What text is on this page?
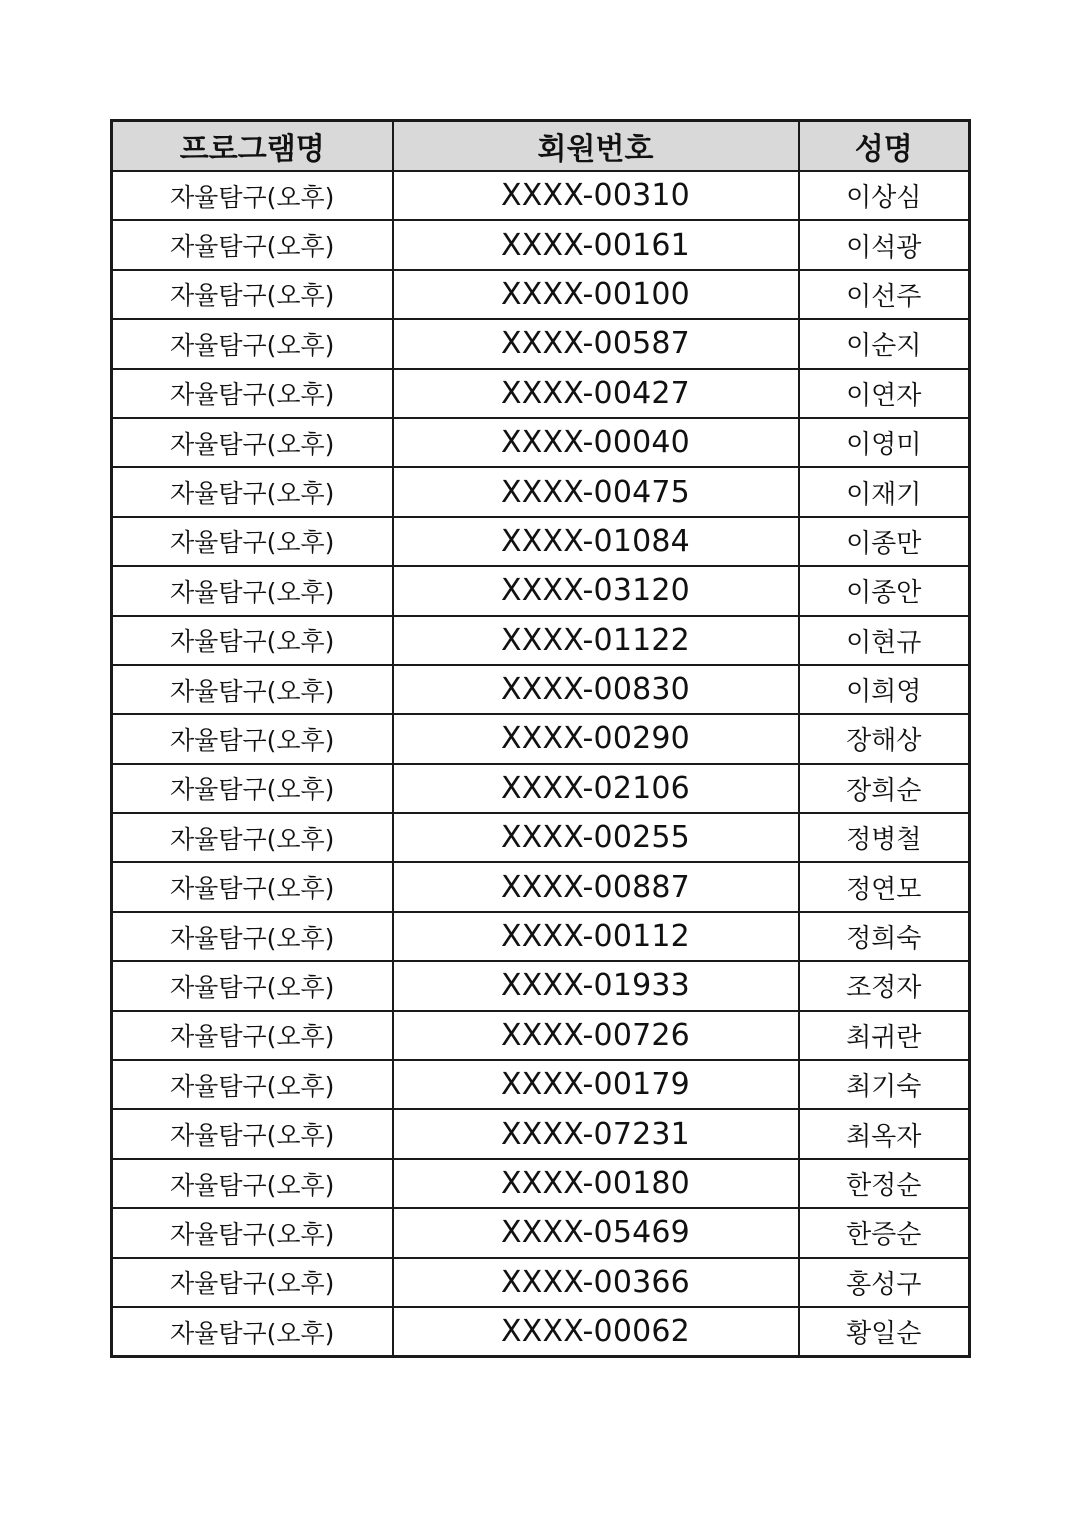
프로그램명	회원번호	성명
자율탐구(오후)	XXXX-00310	이상심
자율탐구(오후)	XXXX-00161	이석광
자율탐구(오후)	XXXX-00100	이선주
자율탐구(오후)	XXXX-00587	이순지
자율탐구(오후)	XXXX-00427	이연자
자율탐구(오후)	XXXX-00040	이영미
자율탐구(오후)	XXXX-00475	이재기
자율탐구(오후)	XXXX-01084	이종만
자율탐구(오후)	XXXX-03120	이종안
자율탐구(오후)	XXXX-01122	이현규
자율탐구(오후)	XXXX-00830	이희영
자율탐구(오후)	XXXX-00290	장해상
자율탐구(오후)	XXXX-02106	장희순
자율탐구(오후)	XXXX-00255	정병철
자율탐구(오후)	XXXX-00887	정연모
자율탐구(오후)	XXXX-00112	정희숙
자율탐구(오후)	XXXX-01933	조정자
자율탐구(오후)	XXXX-00726	최귀란
자율탐구(오후)	XXXX-00179	최기숙
자율탐구(오후)	XXXX-07231	최옥자
자율탐구(오후)	XXXX-00180	한정순
자율탐구(오후)	XXXX-05469	한증순
자율탐구(오후)	XXXX-00366	홍성구
자율탐구(오후)	XXXX-00062	황일순
